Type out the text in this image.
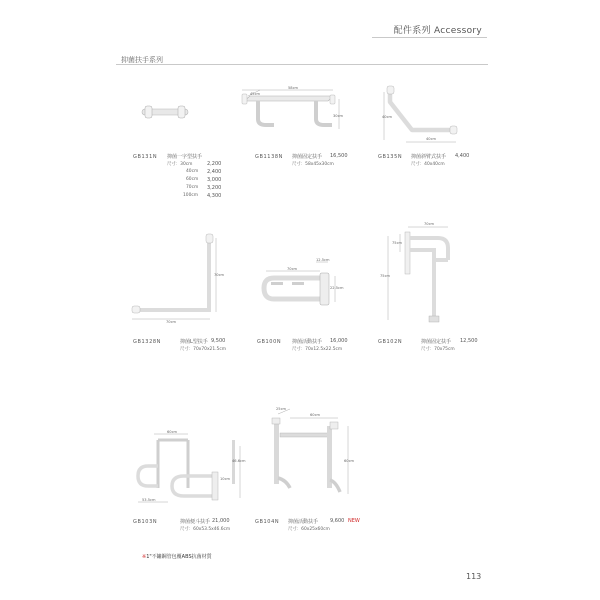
配件系列 Accessory
抑菌扶手系列
GB131N 抑菌一字型扶手
尺寸：30cm	2,200
40cm 2,400
60cm 3,000
70cm 3,200
100cm 4,300
58cm
45cm
30cm
GB1138N 抑菌固定扶手 16,500
尺寸：58x45x30cm
40cm
40cm
GB135N 抑菌斜臂式扶手 4,400
尺寸：40x40cm
70cm
70cm
GB1328N	抑菌L型扶手 9,500
尺寸：70x70x21.5cm
12.5cm
70cm
22.5cm
GB100N 抑菌活動扶手 16,000
尺寸：70x12.5x22.5cm
70cm
75cm
75cm
GB102N	抑菌固定扶手 12,500
尺寸：70x75cm
60cm
46.6cm
53.5cm
10cm
GB103N	抑菌便斗扶手 21,000
尺寸：60x53.5x46.6cm
25cm
60cm
60cm
GB104N 抑菌活動扶手 9,600 NEW
尺寸：60x25x60cm
※1"不鏽鋼管包覆ABS抗菌材質
113
